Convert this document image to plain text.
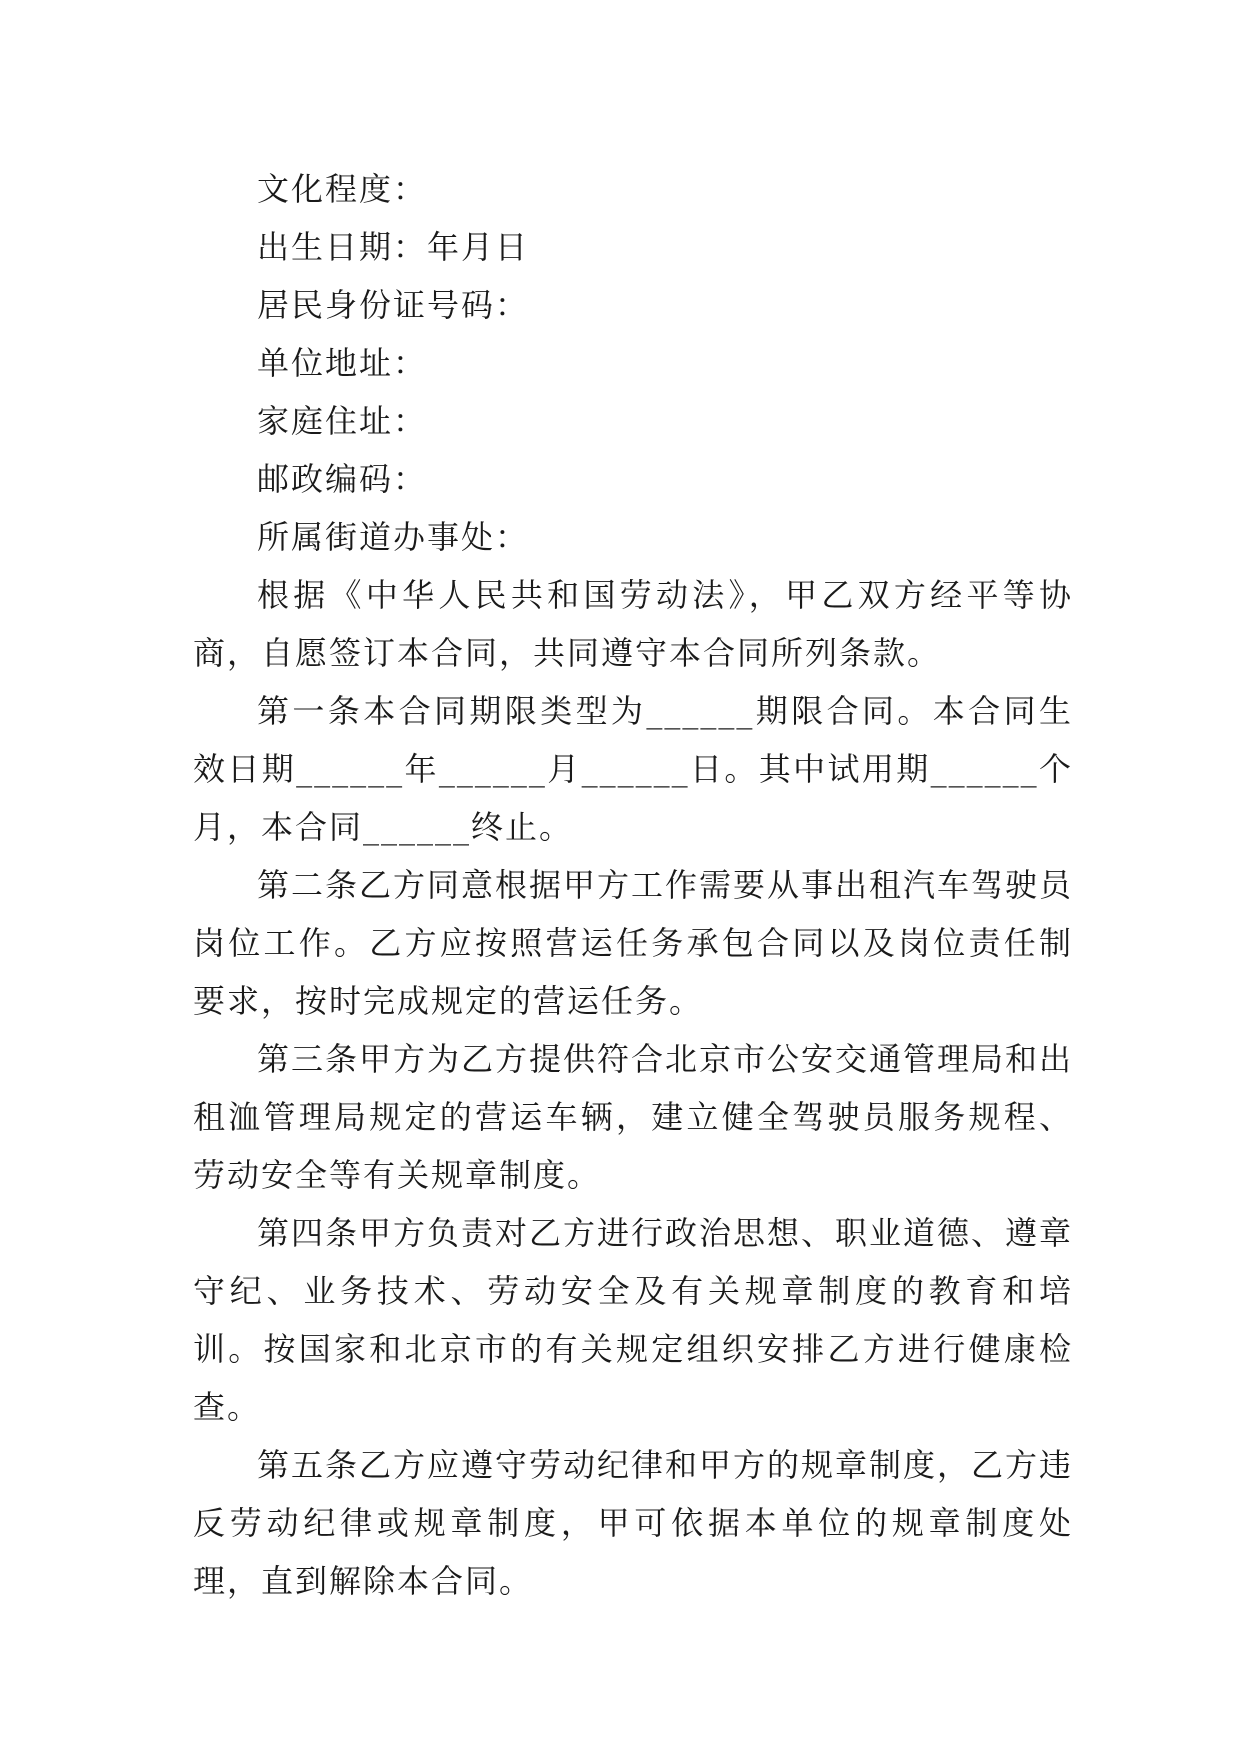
文化程度：

出生日期：年月日

居民身份证号码：

单位地址：

家庭住址：

邮政编码：

所属街道办事处：

根据《中华人民共和国劳动法》，甲乙双方经平等协商，自愿签订本合同，共同遵守本合同所列条款。

第一条本合同期限类型为______期限合同。本合同生效日期______年______月______日。其中试用期______个月，本合同______终止。

第二条乙方同意根据甲方工作需要从事出租汽车驾驶员岗位工作。乙方应按照营运任务承包合同以及岗位责任制要求，按时完成规定的营运任务。

第三条甲方为乙方提供符合北京市公安交通管理局和出租洫管理局规定的营运车辆，建立健全驾驶员服务规程、劳动安全等有关规章制度。

第四条甲方负责对乙方进行政治思想、职业道德、遵章守纪、业务技术、劳动安全及有关规章制度的教育和培训。按国家和北京市的有关规定组织安排乙方进行健康检查。

第五条乙方应遵守劳动纪律和甲方的规章制度，乙方违反劳动纪律或规章制度，甲可依据本单位的规章制度处理，直到解除本合同。
